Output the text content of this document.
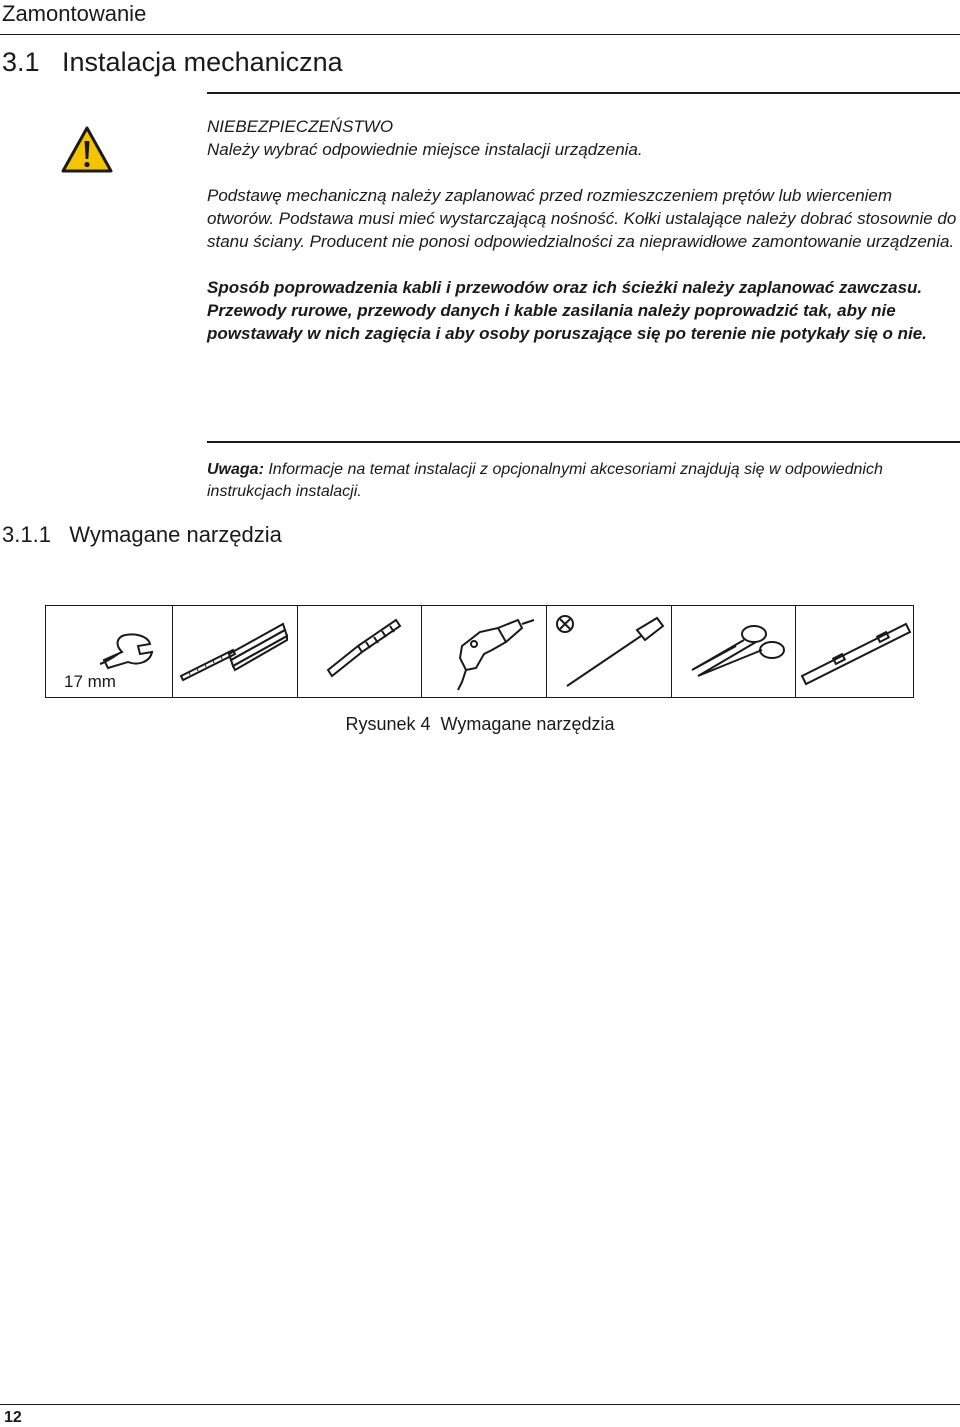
Zamontowanie
3.1   Instalacja mechaniczna

NIEBEZPIECZEŃSTWO

Należy wybrać odpowiednie miejsce instalacji urządzenia.

Podstawę mechaniczną należy zaplanować przed rozmieszczeniem prętów lub wierceniem otworów. Podstawa musi mieć wystarczającą nośność. Kołki ustalające należy dobrać stosownie do stanu ściany. Producent nie ponosi odpowiedzialności za nieprawidłowe zamontowanie urządzenia.

Sposób poprowadzenia kabli i przewodów oraz ich ścieżki należy zaplanować zawczasu. Przewody rurowe, przewody danych i kable zasilania należy poprowadzić tak, aby nie powstawały w nich zagięcia i aby osoby poruszające się po terenie nie potykały się o nie.

Uwaga: Informacje na temat instalacji z opcjonalnymi akcesoriami znajdują się w odpowiednich instrukcjach instalacji.
3.1.1   Wymagane narzędzia
17 mm
Rysunek 4  Wymagane narzędzia
12
